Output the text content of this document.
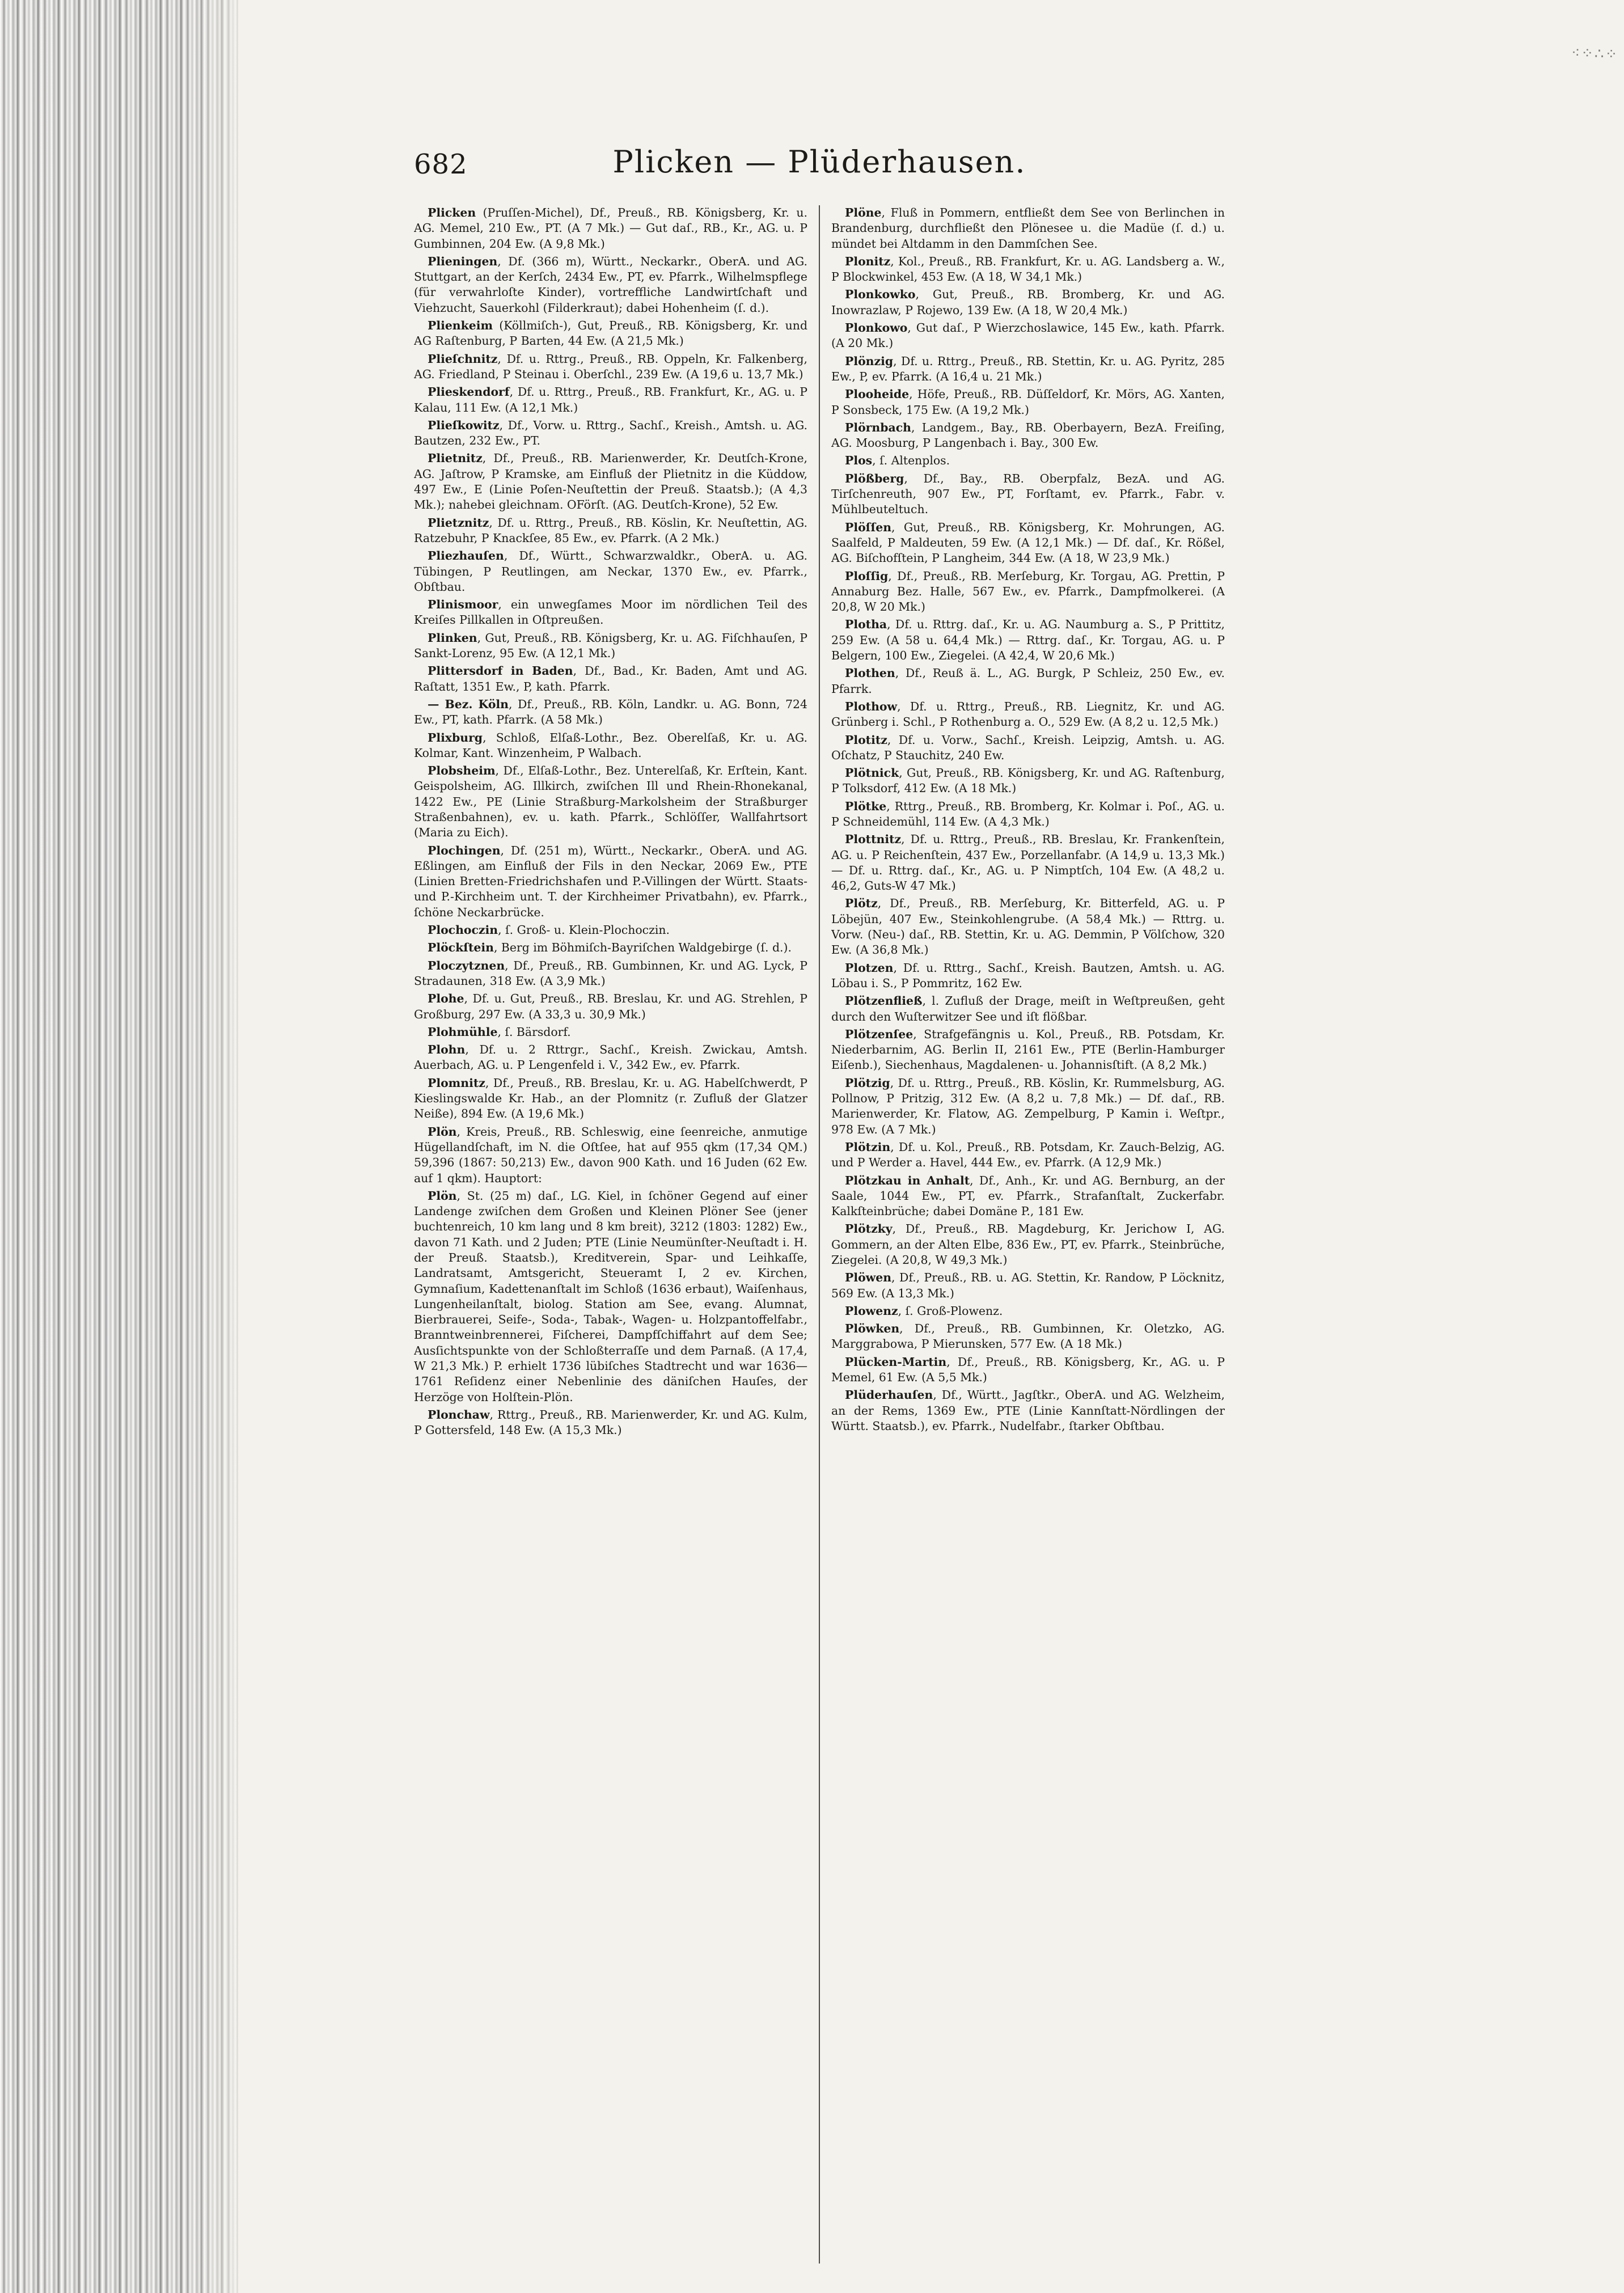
⁖⁘∴⁘
682	Plicken — Plüderhausen.

Plicken (Pruſſen-Michel), Df., Preuß., RB. Königsberg, Kr. u. AG. Memel, 210 Ew., PT. (A 7 Mk.) — Gut daſ., RB., Kr., AG. u. P Gumbinnen, 204 Ew. (A 9,8 Mk.)

Plieningen, Df. (366 m), Württ., Neckarkr., OberA. und AG. Stuttgart, an der Kerſch, 2434 Ew., PT, ev. Pfarrk., Wilhelmspflege (für verwahrloſte Kinder), vortreffliche Landwirtſchaft und Viehzucht, Sauerkohl (Filderkraut); dabei Hohenheim (ſ. d.).

Plienkeim (Köllmiſch-), Gut, Preuß., RB. Königsberg, Kr. und AG Raſtenburg, P Barten, 44 Ew. (A 21,5 Mk.)

Plieſchnitz, Df. u. Rttrg., Preuß., RB. Oppeln, Kr. Falkenberg, AG. Friedland, P Steinau i. Oberſchl., 239 Ew. (A 19,6 u. 13,7 Mk.)

Plieskendorf, Df. u. Rttrg., Preuß., RB. Frankfurt, Kr., AG. u. P Kalau, 111 Ew. (A 12,1 Mk.)

Plieſkowitz, Df., Vorw. u. Rttrg., Sachſ., Kreish., Amtsh. u. AG. Bautzen, 232 Ew., PT.

Plietnitz, Df., Preuß., RB. Marienwerder, Kr. Deutſch-Krone, AG. Jaſtrow, P Kramske, am Einfluß der Plietnitz in die Küddow, 497 Ew., E (Linie Poſen-Neuſtettin der Preuß. Staatsb.); (A 4,3 Mk.); nahebei gleichnam. OFörſt. (AG. Deutſch-Krone), 52 Ew.

Plietznitz, Df. u. Rttrg., Preuß., RB. Köslin, Kr. Neuſtettin, AG. Ratzebuhr, P Knackſee, 85 Ew., ev. Pfarrk. (A 2 Mk.)

Pliezhauſen, Df., Württ., Schwarzwaldkr., OberA. u. AG. Tübingen, P Reutlingen, am Neckar, 1370 Ew., ev. Pfarrk., Obſtbau.

Plinismoor, ein unwegſames Moor im nördlichen Teil des Kreiſes Pillkallen in Oſtpreußen.

Plinken, Gut, Preuß., RB. Königsberg, Kr. u. AG. Fiſchhauſen, P Sankt-Lorenz, 95 Ew. (A 12,1 Mk.)

Plittersdorf in Baden, Df., Bad., Kr. Baden, Amt und AG. Raſtatt, 1351 Ew., P, kath. Pfarrk.

— Bez. Köln, Df., Preuß., RB. Köln, Landkr. u. AG. Bonn, 724 Ew., PT, kath. Pfarrk. (A 58 Mk.)

Plixburg, Schloß, Elſaß-Lothr., Bez. Oberelſaß, Kr. u. AG. Kolmar, Kant. Winzenheim, P Walbach.

Plobsheim, Df., Elſaß-Lothr., Bez. Unterelſaß, Kr. Erſtein, Kant. Geispolsheim, AG. Illkirch, zwiſchen Ill und Rhein-Rhonekanal, 1422 Ew., PE (Linie Straßburg-Markolsheim der Straßburger Straßenbahnen), ev. u. kath. Pfarrk., Schlöſſer, Wallfahrtsort (Maria zu Eich).

Plochingen, Df. (251 m), Württ., Neckarkr., OberA. und AG. Eßlingen, am Einfluß der Fils in den Neckar, 2069 Ew., PTE (Linien Bretten-Friedrichshafen und P.-Villingen der Württ. Staats- und P.-Kirchheim unt. T. der Kirchheimer Privatbahn), ev. Pfarrk., ſchöne Neckarbrücke.

Plochoczin, ſ. Groß- u. Klein-Plochoczin.

Plöckſtein, Berg im Böhmiſch-Bayriſchen Waldgebirge (ſ. d.).

Ploczytznen, Df., Preuß., RB. Gumbinnen, Kr. und AG. Lyck, P Stradaunen, 318 Ew. (A 3,9 Mk.)

Plohe, Df. u. Gut, Preuß., RB. Breslau, Kr. und AG. Strehlen, P Großburg, 297 Ew. (A 33,3 u. 30,9 Mk.)

Plohmühle, ſ. Bärsdorf.

Plohn, Df. u. 2 Rttrgr., Sachſ., Kreish. Zwickau, Amtsh. Auerbach, AG. u. P Lengenfeld i. V., 342 Ew., ev. Pfarrk.

Plomnitz, Df., Preuß., RB. Breslau, Kr. u. AG. Habelſchwerdt, P Kieslingswalde Kr. Hab., an der Plomnitz (r. Zufluß der Glatzer Neiße), 894 Ew. (A 19,6 Mk.)

Plön, Kreis, Preuß., RB. Schleswig, eine ſeenreiche, anmutige Hügellandſchaft, im N. die Oſtſee, hat auf 955 qkm (17,34 QM.) 59,396 (1867: 50,213) Ew., davon 900 Kath. und 16 Juden (62 Ew. auf 1 qkm). Hauptort:

Plön, St. (25 m) daſ., LG. Kiel, in ſchöner Gegend auf einer Landenge zwiſchen dem Großen und Kleinen Plöner See (jener buchtenreich, 10 km lang und 8 km breit), 3212 (1803: 1282) Ew., davon 71 Kath. und 2 Juden; PTE (Linie Neumünſter-Neuſtadt i. H. der Preuß. Staatsb.), Kreditverein, Spar- und Leihkaſſe, Landratsamt, Amtsgericht, Steueramt I, 2 ev. Kirchen, Gymnaſium, Kadettenanſtalt im Schloß (1636 erbaut), Waiſenhaus, Lungenheilanſtalt, biolog. Station am See, evang. Alumnat, Bierbrauerei, Seife-, Soda-, Tabak-, Wagen- u. Holzpantoffelfabr., Branntweinbrennerei, Fiſcherei, Dampfſchiffahrt auf dem See; Ausſichtspunkte von der Schloßterraſſe und dem Parnaß. (A 17,4, W 21,3 Mk.) P. erhielt 1736 lübiſches Stadtrecht und war 1636—1761 Reſidenz einer Nebenlinie des däniſchen Hauſes, der Herzöge von Holſtein-Plön.

Plonchaw, Rttrg., Preuß., RB. Marienwerder, Kr. und AG. Kulm, P Gottersfeld, 148 Ew. (A 15,3 Mk.)

Plöne, Fluß in Pommern, entfließt dem See von Berlinchen in Brandenburg, durchfließt den Plönesee u. die Madüe (ſ. d.) u. mündet bei Altdamm in den Dammſchen See.

Plonitz, Kol., Preuß., RB. Frankfurt, Kr. u. AG. Landsberg a. W., P Blockwinkel, 453 Ew. (A 18, W 34,1 Mk.)

Plonkowko, Gut, Preuß., RB. Bromberg, Kr. und AG. Inowrazlaw, P Rojewo, 139 Ew. (A 18, W 20,4 Mk.)

Plonkowo, Gut daſ., P Wierzchoslawice, 145 Ew., kath. Pfarrk. (A 20 Mk.)

Plönzig, Df. u. Rttrg., Preuß., RB. Stettin, Kr. u. AG. Pyritz, 285 Ew., P, ev. Pfarrk. (A 16,4 u. 21 Mk.)

Plooheide, Höfe, Preuß., RB. Düſſeldorf, Kr. Mörs, AG. Xanten, P Sonsbeck, 175 Ew. (A 19,2 Mk.)

Plörnbach, Landgem., Bay., RB. Oberbayern, BezA. Freiſing, AG. Moosburg, P Langenbach i. Bay., 300 Ew.

Plos, ſ. Altenplos.

Plößberg, Df., Bay., RB. Oberpfalz, BezA. und AG. Tirſchenreuth, 907 Ew., PT, Forſtamt, ev. Pfarrk., Fabr. v. Mühlbeuteltuch.

Plöſſen, Gut, Preuß., RB. Königsberg, Kr. Mohrungen, AG. Saalfeld, P Maldeuten, 59 Ew. (A 12,1 Mk.) — Df. daſ., Kr. Rößel, AG. Biſchofſtein, P Langheim, 344 Ew. (A 18, W 23,9 Mk.)

Ploſſig, Df., Preuß., RB. Merſeburg, Kr. Torgau, AG. Prettin, P Annaburg Bez. Halle, 567 Ew., ev. Pfarrk., Dampfmolkerei. (A 20,8, W 20 Mk.)

Plotha, Df. u. Rttrg. daſ., Kr. u. AG. Naumburg a. S., P Prittitz, 259 Ew. (A 58 u. 64,4 Mk.) — Rttrg. daſ., Kr. Torgau, AG. u. P Belgern, 100 Ew., Ziegelei. (A 42,4, W 20,6 Mk.)

Plothen, Df., Reuß ä. L., AG. Burgk, P Schleiz, 250 Ew., ev. Pfarrk.

Plothow, Df. u. Rttrg., Preuß., RB. Liegnitz, Kr. und AG. Grünberg i. Schl., P Rothenburg a. O., 529 Ew. (A 8,2 u. 12,5 Mk.)

Plotitz, Df. u. Vorw., Sachſ., Kreish. Leipzig, Amtsh. u. AG. Oſchatz, P Stauchitz, 240 Ew.

Plötnick, Gut, Preuß., RB. Königsberg, Kr. und AG. Raſtenburg, P Tolksdorf, 412 Ew. (A 18 Mk.)

Plötke, Rttrg., Preuß., RB. Bromberg, Kr. Kolmar i. Poſ., AG. u. P Schneidemühl, 114 Ew. (A 4,3 Mk.)

Plottnitz, Df. u. Rttrg., Preuß., RB. Breslau, Kr. Frankenſtein, AG. u. P Reichenſtein, 437 Ew., Porzellanfabr. (A 14,9 u. 13,3 Mk.) — Df. u. Rttrg. daſ., Kr., AG. u. P Nimptſch, 104 Ew. (A 48,2 u. 46,2, Guts-W 47 Mk.)

Plötz, Df., Preuß., RB. Merſeburg, Kr. Bitterfeld, AG. u. P Löbejün, 407 Ew., Steinkohlengrube. (A 58,4 Mk.) — Rttrg. u. Vorw. (Neu-) daſ., RB. Stettin, Kr. u. AG. Demmin, P Völſchow, 320 Ew. (A 36,8 Mk.)

Plotzen, Df. u. Rttrg., Sachſ., Kreish. Bautzen, Amtsh. u. AG. Löbau i. S., P Pommritz, 162 Ew.

Plötzenfließ, l. Zufluß der Drage, meiſt in Weſtpreußen, geht durch den Wuſterwitzer See und iſt flößbar.

Plötzenſee, Strafgefängnis u. Kol., Preuß., RB. Potsdam, Kr. Niederbarnim, AG. Berlin II, 2161 Ew., PTE (Berlin-Hamburger Eiſenb.), Siechenhaus, Magdalenen- u. Johannisſtift. (A 8,2 Mk.)

Plötzig, Df. u. Rttrg., Preuß., RB. Köslin, Kr. Rummelsburg, AG. Pollnow, P Pritzig, 312 Ew. (A 8,2 u. 7,8 Mk.) — Df. daſ., RB. Marienwerder, Kr. Flatow, AG. Zempelburg, P Kamin i. Weſtpr., 978 Ew. (A 7 Mk.)

Plötzin, Df. u. Kol., Preuß., RB. Potsdam, Kr. Zauch-Belzig, AG. und P Werder a. Havel, 444 Ew., ev. Pfarrk. (A 12,9 Mk.)

Plötzkau in Anhalt, Df., Anh., Kr. und AG. Bernburg, an der Saale, 1044 Ew., PT, ev. Pfarrk., Strafanſtalt, Zuckerfabr. Kalkſteinbrüche; dabei Domäne P., 181 Ew.

Plötzky, Df., Preuß., RB. Magdeburg, Kr. Jerichow I, AG. Gommern, an der Alten Elbe, 836 Ew., PT, ev. Pfarrk., Steinbrüche, Ziegelei. (A 20,8, W 49,3 Mk.)

Plöwen, Df., Preuß., RB. u. AG. Stettin, Kr. Randow, P Löcknitz, 569 Ew. (A 13,3 Mk.)

Plowenz, ſ. Groß-Plowenz.

Plöwken, Df., Preuß., RB. Gumbinnen, Kr. Oletzko, AG. Marggrabowa, P Mierunsken, 577 Ew. (A 18 Mk.)

Plücken-Martin, Df., Preuß., RB. Königsberg, Kr., AG. u. P Memel, 61 Ew. (A 5,5 Mk.)

Plüderhauſen, Df., Württ., Jagſtkr., OberA. und AG. Welzheim, an der Rems, 1369 Ew., PTE (Linie Kannſtatt-Nördlingen der Württ. Staatsb.), ev. Pfarrk., Nudelfabr., ſtarker Obſtbau.
